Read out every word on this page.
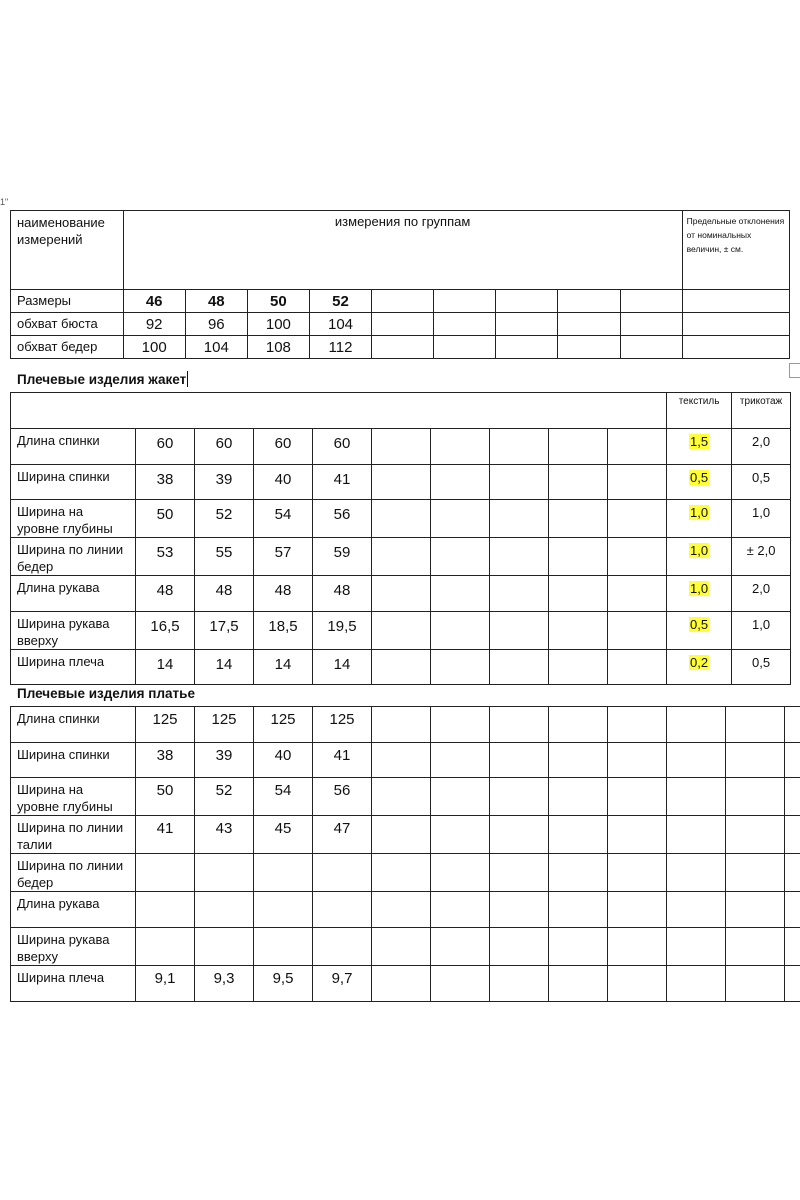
1"
наименование
измерений	измерения по группам									Предельные отклонения от номинальных величин, ± см.
Размеры	46	48	50	52						
обхват бюста	92	96	100	104						
обхват бедер	100	104	108	112						
Плечевые изделия жакет
										текстиль	трикотаж
Длина спинки	60	60	60	60						1,5	2,0
Ширина спинки	38	39	40	41						0,5	0,5
Ширина на
уровне глубины	50	52	54	56						1,0	1,0
Ширина по линии
бедер	53	55	57	59						1,0	± 2,0
Длина рукава	48	48	48	48						1,0	2,0
Ширина рукава
вверху	16,5	17,5	18,5	19,5						0,5	1,0
Ширина плеча	14	14	14	14						0,2	0,5
Плечевые изделия платье
Длина спинки	125	125	125	125								
Ширина спинки	38	39	40	41								
Ширина на
уровне глубины	50	52	54	56								
Ширина по линии
талии	41	43	45	47								
Ширина по линии
бедер												
Длина рукава												
Ширина рукава
вверху												
Ширина плеча	9,1	9,3	9,5	9,7								
